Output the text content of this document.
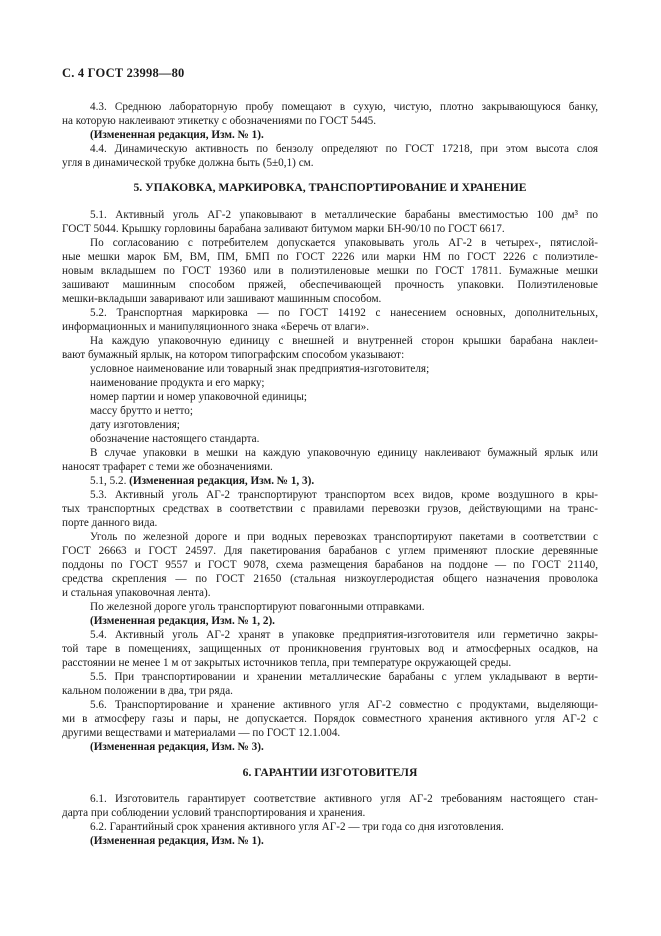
С. 4 ГОСТ 23998—80
4.3. Среднюю лабораторную пробу помещают в сухую, чистую, плотно закрывающуюся банку,
на которую наклеивают этикетку с обозначениями по ГОСТ 5445.
(Измененная редакция, Изм. № 1).
4.4. Динамическую активность по бензолу определяют по ГОСТ 17218, при этом высота слоя
угля в динамической трубке должна быть (5±0,1) см.
5. УПАКОВКА, МАРКИРОВКА, ТРАНСПОРТИРОВАНИЕ И ХРАНЕНИЕ
5.1. Активный уголь АГ-2 упаковывают в металлические барабаны вместимостью 100 дм³ по
ГОСТ 5044. Крышку горловины барабана заливают битумом марки БН-90/10 по ГОСТ 6617.
По согласованию с потребителем допускается упаковывать уголь АГ-2 в четырех-, пятислой-
ные мешки марок БМ, ВМ, ПМ, БМП по ГОСТ 2226 или марки НМ по ГОСТ 2226 с полиэтиле-
новым вкладышем по ГОСТ 19360 или в полиэтиленовые мешки по ГОСТ 17811. Бумажные мешки
зашивают машинным способом пряжей, обеспечивающей прочность упаковки. Полиэтиленовые
мешки-вкладыши заваривают или зашивают машинным способом.
5.2. Транспортная маркировка — по ГОСТ 14192 с нанесением основных, дополнительных,
информационных и манипуляционного знака «Беречь от влаги».
На каждую упаковочную единицу с внешней и внутренней сторон крышки барабана наклеи-
вают бумажный ярлык, на котором типографским способом указывают:
условное наименование или товарный знак предприятия-изготовителя;
наименование продукта и его марку;
номер партии и номер упаковочной единицы;
массу брутто и нетто;
дату изготовления;
обозначение настоящего стандарта.
В случае упаковки в мешки на каждую упаковочную единицу наклеивают бумажный ярлык или
наносят трафарет с теми же обозначениями.
5.1, 5.2. (Измененная редакция, Изм. № 1, 3).
5.3. Активный уголь АГ-2 транспортируют транспортом всех видов, кроме воздушного в кры-
тых транспортных средствах в соответствии с правилами перевозки грузов, действующими на транс-
порте данного вида.
Уголь по железной дороге и при водных перевозках транспортируют пакетами в соответствии с
ГОСТ 26663 и ГОСТ 24597. Для пакетирования барабанов с углем применяют плоские деревянные
поддоны по ГОСТ 9557 и ГОСТ 9078, схема размещения барабанов на поддоне — по ГОСТ 21140,
средства скрепления — по ГОСТ 21650 (стальная низкоуглеродистая общего назначения проволока
и стальная упаковочная лента).
По железной дороге уголь транспортируют повагонными отправками.
(Измененная редакция, Изм. № 1, 2).
5.4. Активный уголь АГ-2 хранят в упаковке предприятия-изготовителя или герметично закры-
той таре в помещениях, защищенных от проникновения грунтовых вод и атмосферных осадков, на
расстоянии не менее 1 м от закрытых источников тепла, при температуре окружающей среды.
5.5. При транспортировании и хранении металлические барабаны с углем укладывают в верти-
кальном положении в два, три ряда.
5.6. Транспортирование и хранение активного угля АГ-2 совместно с продуктами, выделяющи-
ми в атмосферу газы и пары, не допускается. Порядок совместного хранения активного угля АГ-2 с
другими веществами и материалами — по ГОСТ 12.1.004.
(Измененная редакция, Изм. № 3).
6. ГАРАНТИИ ИЗГОТОВИТЕЛЯ
6.1. Изготовитель гарантирует соответствие активного угля АГ-2 требованиям настоящего стан-
дарта при соблюдении условий транспортирования и хранения.
6.2. Гарантийный срок хранения активного угля АГ-2 — три года со дня изготовления.
(Измененная редакция, Изм. № 1).
